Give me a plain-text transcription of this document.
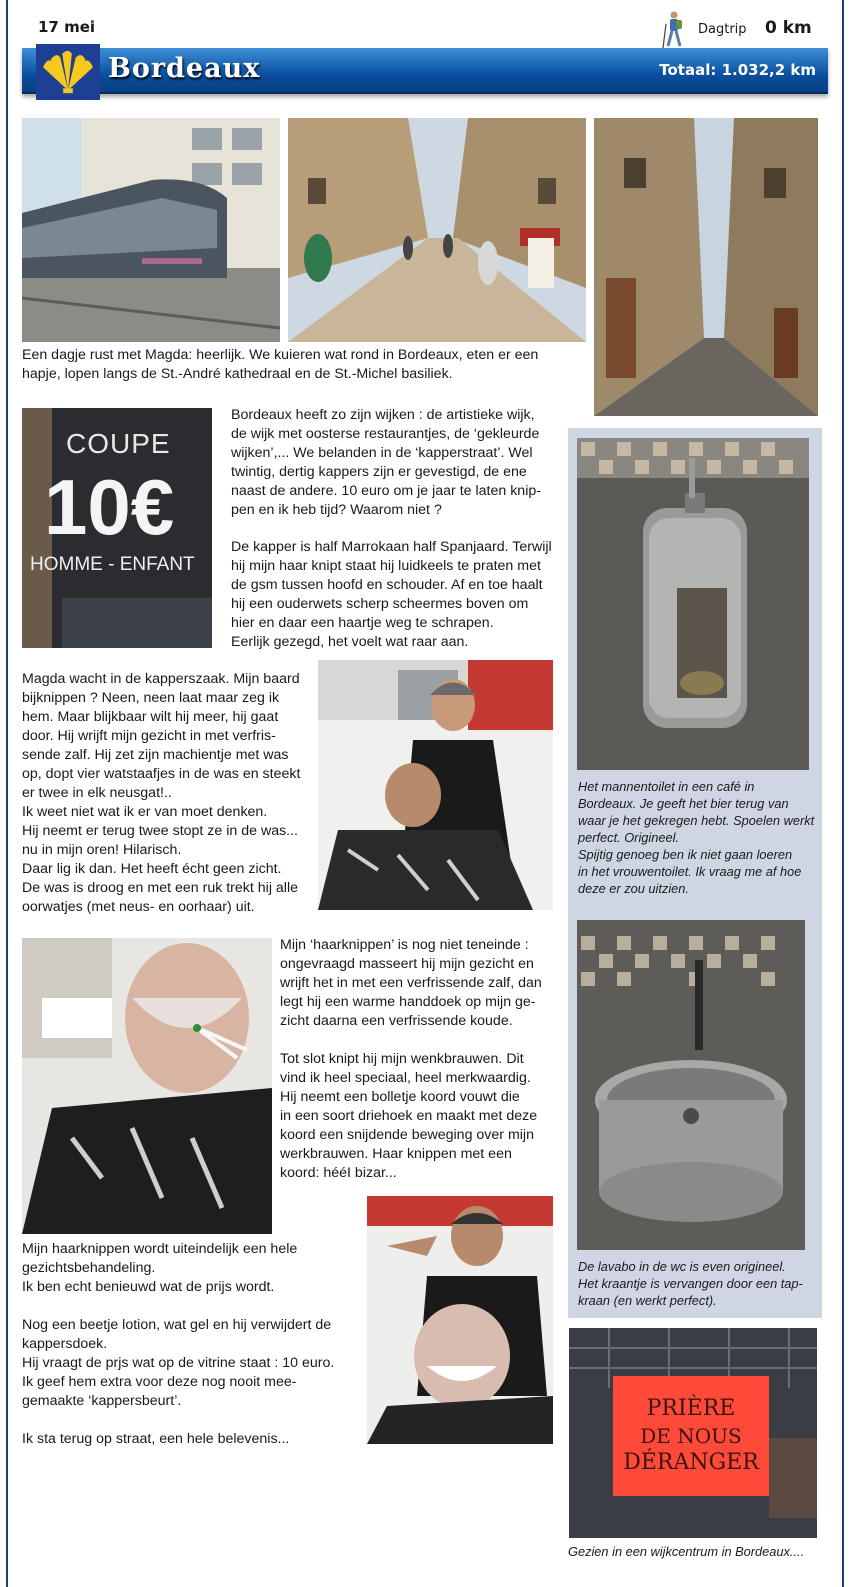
17 mei	Dagtrip 0 km
Bordeaux	Totaal: 1.032,2 km
Een dagje rust met Magda: heerlijk. We kuieren wat rond in Bordeaux, eten er een
hapje, lopen langs de St.-André kathedraal en de St.-Michel basiliek.
COUPE
10€
HOMME - ENFANT
Bordeaux heeft zo zijn wijken : de artistieke wijk,
de wijk met oosterse restaurantjes, de ‘gekleurde
wijken’,... We belanden in de ‘kapperstraat’. Wel
twintig, dertig kappers zijn er gevestigd, de ene
naast de andere. 10 euro om je jaar te laten knip-
pen en ik heb tijd? Waarom niet ?
De kapper is half Marrokaan half Spanjaard. Terwijl
hij mijn haar knipt staat hij luidkeels te praten met
de gsm tussen hoofd en schouder. Af en toe haalt
hij een ouderwets scherp scheermes boven om
hier en daar een haartje weg te schrapen.
Eerlijk gezegd, het voelt wat raar aan.
Magda wacht in de kapperszaak. Mijn baard
bijknippen ? Neen, neen laat maar zeg ik
hem. Maar blijkbaar wilt hij meer, hij gaat
door. Hij wrijft mijn gezicht in met verfris-
sende zalf. Hij zet zijn machientje met was
op, dopt vier watstaafjes in de was en steekt
er twee in elk neusgat!..
Ik weet niet wat ik er van moet denken.
Hij neemt er terug twee stopt ze in de was...
nu in mijn oren! Hilarisch.
Daar lig ik dan. Het heeft écht geen zicht.
De was is droog en met een ruk trekt hij alle
oorwatjes (met neus- en oorhaar) uit.
Mijn ‘haarknippen’ is nog niet teneinde :
ongevraagd masseert hij mijn gezicht en
wrijft het in met een verfrissende zalf, dan
legt hij een warme handdoek op mijn ge-
zicht daarna een verfrissende koude.
Tot slot knipt hij mijn wenkbrauwen. Dit
vind ik heel speciaal, heel merkwaardig.
Hij neemt een bolletje koord vouwt die
in een soort driehoek en maakt met deze
koord een snijdende beweging over mijn
werkbrauwen. Haar knippen met een
koord: hééI bizar...
Mijn haarknippen wordt uiteindelijk een hele
gezichtsbehandeling.
Ik ben echt benieuwd wat de prijs wordt.
Nog een beetje lotion, wat gel en hij verwijdert de
kappersdoek.
Hij vraagt de prjs wat op de vitrine staat : 10 euro.
Ik geef hem extra voor deze nog nooit mee-
gemaakte ‘kappersbeurt’.
Ik sta terug op straat, een hele belevenis...
Het mannentoilet in een café in
Bordeaux. Je geeft het bier terug van
waar je het gekregen hebt. Spoelen werkt
perfect. Origineel.
Spijtig genoeg ben ik niet gaan loeren
in het vrouwentoilet. Ik vraag me af hoe
deze er zou uitzien.
De lavabo in de wc is even origineel.
Het kraantje is vervangen door een tap-
kraan (en werkt perfect).
PRIÈRE
DE NOUS
DÉRANGER
Gezien in een wijkcentrum in Bordeaux....
